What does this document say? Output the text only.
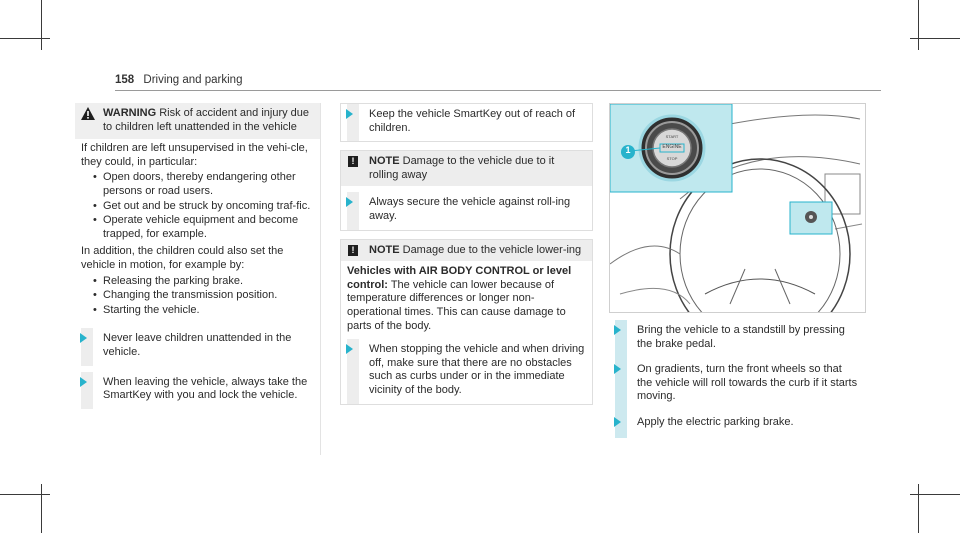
158 Driving and parking
WARNING Risk of accident and injury due to children left unattended in the vehicle
If children are left unsupervised in the vehi-cle, they could, in particular:
• Open doors, thereby endangering other persons or road users.
• Get out and be struck by oncoming traf-fic.
• Operate vehicle equipment and become trapped, for example.
In addition, the children could also set the vehicle in motion, for example by:
• Releasing the parking brake.
• Changing the transmission position.
• Starting the vehicle.
Never leave children unattended in the vehicle.
When leaving the vehicle, always take the SmartKey with you and lock the vehicle.
Keep the vehicle SmartKey out of reach of children.
!	NOTE Damage to the vehicle due to it rolling away
Always secure the vehicle against roll-ing away.
!	NOTE Damage due to the vehicle lower-ing
Vehicles with AIR BODY CONTROL or level control: The vehicle can lower because of temperature differences or longer non-operational times. This can cause damage to parts of the body.
When stopping the vehicle and when driving off, make sure that there are no obstacles such as curbs under or in the immediate vicinity of the body.
1
START
ENGINE
STOP
Bring the vehicle to a standstill by pressing the brake pedal.
On gradients, turn the front wheels so that the vehicle will roll towards the curb if it starts moving.
Apply the electric parking brake.
